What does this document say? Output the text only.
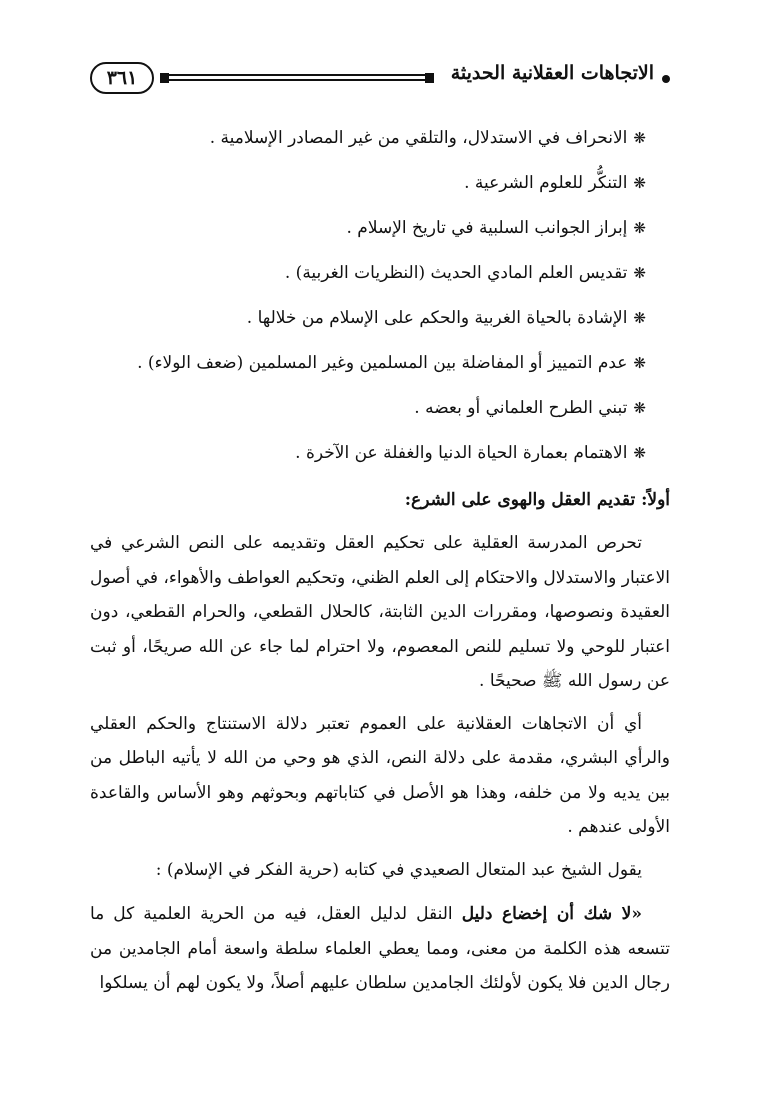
الاتجاهات العقلانية الحديثة
٣٦١
❋الانحراف في الاستدلال، والتلقي من غير المصادر الإسلامية .
❋التنكُّر للعلوم الشرعية .
❋إبراز الجوانب السلبية في تاريخ الإسلام .
❋تقديس العلم المادي الحديث (النظريات الغربية) .
❋الإشادة بالحياة الغربية والحكم على الإسلام من خلالها .
❋عدم التمييز أو المفاضلة بين المسلمين وغير المسلمين (ضعف الولاء) .
❋تبني الطرح العلماني أو بعضه .
❋الاهتمام بعمارة الحياة الدنيا والغفلة عن الآخرة .
أولاً: تقديم العقل والهوى على الشرع:

تحرص المدرسة العقلية على تحكيم العقل وتقديمه على النص الشرعي في الاعتبار والاستدلال والاحتكام إلى العلم الظني، وتحكيم العواطف والأهواء، في أصول العقيدة ونصوصها، ومقررات الدين الثابتة، كالحلال القطعي، والحرام القطعي، دون اعتبار للوحي ولا تسليم للنص المعصوم، ولا احترام لما جاء عن الله صريحًا، أو ثبت عن رسول الله ﷺ صحيحًا .

أي أن الاتجاهات العقلانية على العموم تعتبر دلالة الاستنتاج والحكم العقلي والرأي البشري، مقدمة على دلالة النص، الذي هو وحي من الله لا يأتيه الباطل من بين يديه ولا من خلفه، وهذا هو الأصل في كتاباتهم وبحوثهم وهو الأساس والقاعدة الأولى عندهم .

يقول الشيخ عبد المتعال الصعيدي في كتابه (حرية الفكر في الإسلام) :

«لا شك أن إخضاع دليل النقل لدليل العقل، فيه من الحرية العلمية كل ما تتسعه هذه الكلمة من معنى، ومما يعطي العلماء سلطة واسعة أمام الجامدين من رجال الدين فلا يكون لأولئك الجامدين سلطان عليهم أصلاً، ولا يكون لهم أن يسلكوا
